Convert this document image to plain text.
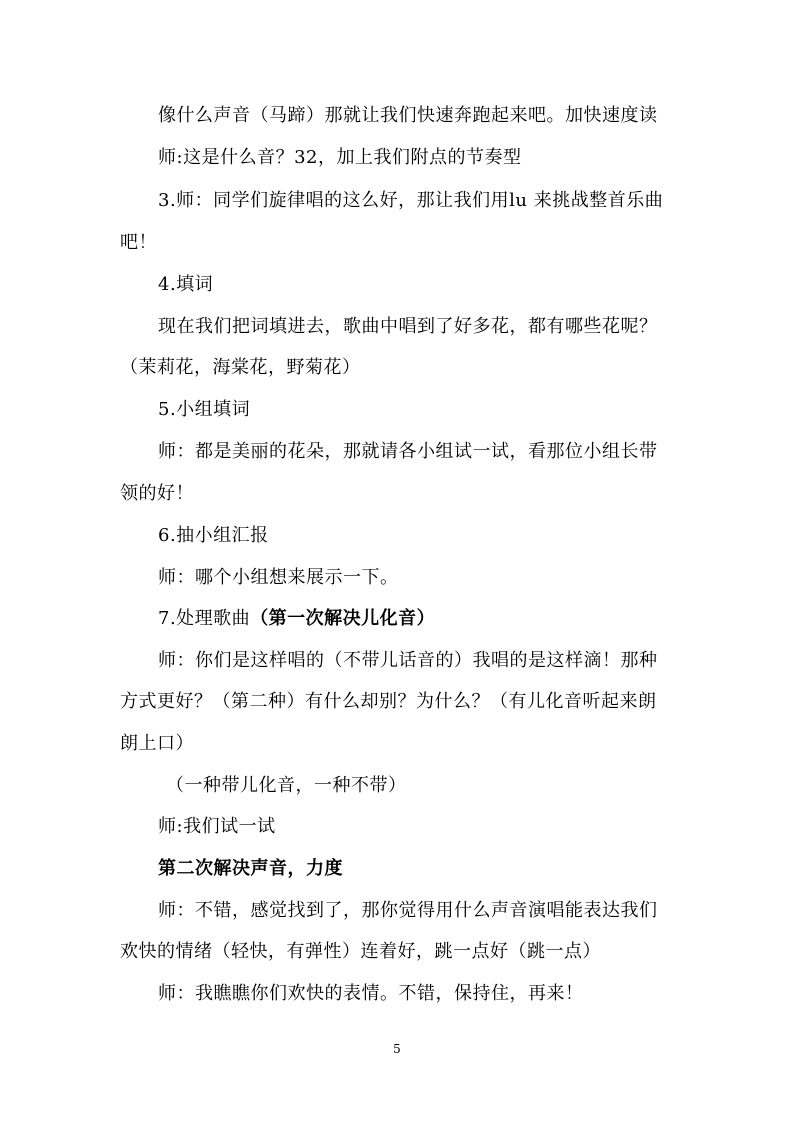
像什么声音（马蹄）那就让我们快速奔跑起来吧。加快速度读
师:这是什么音？32，加上我们附点的节奏型
3.师：同学们旋律唱的这么好，那让我们用lu 来挑战整首乐曲
吧！
4.填词
现在我们把词填进去，歌曲中唱到了好多花，都有哪些花呢？
（茉莉花，海棠花，野菊花）
5.小组填词
师：都是美丽的花朵，那就请各小组试一试，看那位小组长带
领的好！
6.抽小组汇报
师：哪个小组想来展示一下。
7.处理歌曲（第一次解决儿化音）
师：你们是这样唱的（不带儿话音的）我唱的是这样滴！那种
方式更好？（第二种）有什么却别？为什么？（有儿化音听起来朗
朗上口）
（一种带儿化音，一种不带）
师:我们试一试
第二次解决声音，力度
师：不错，感觉找到了，那你觉得用什么声音演唱能表达我们
欢快的情绪（轻快，有弹性）连着好，跳一点好（跳一点）
师：我瞧瞧你们欢快的表情。不错，保持住，再来！
5
